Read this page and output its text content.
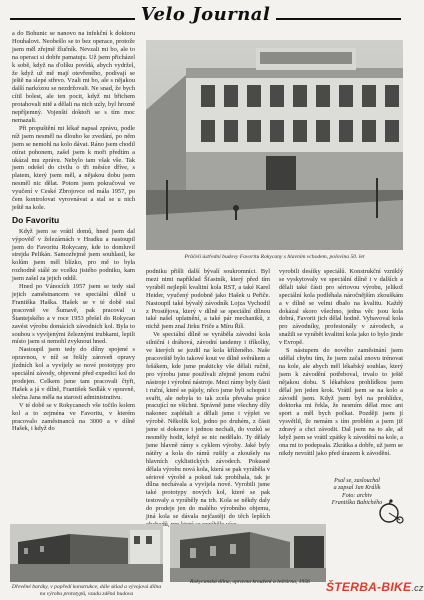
Velo Journal

a do Bohunic se nanovo na infekční k doktoru Houhalovi. Neobešlo se to bez operace, protože jsem měl zřejmě žlučník. Nevzali mi bo, ale to na operaci si dobře pamatuju. Už jsem přicházel k sobě, když na ďolíku povídá, abych vydržel, že když už mě mají otevřeného, podívají se ještě na slepé střevo. Vzali mi bo, ale s nějakou další narkózou se nezdržovali. Ne snad, že bych cítil bolest, ale ten pocit, když mi břichem protahovali nitě a dělali na nich uzly, byl hrozně nepříjemný. Vojenští doktoři se s tím moc nemazali.

Při propuštění mi lékař napsal zprávu, podle níž jsem nesměl na dlouho ke zvedání, po něm jsem se nemohl na kolo dávat. Ráno jsem chodil otírat pohonem, zašel jsem k moři předtím a ukázal mu zprávu. Nebylo tam však vše. Tak jsem odešel do civilu o tři měsíce dříve, s platem, který jsem měl, a nějakou dobu jsem nesměl nic dělat. Potom jsem pokračoval ve vyučení v Ceské Zbrojovce od mála 1957, po čem kontrolovat vyrovnávat a stal se u nich ještě na kole.

Do Favoritu

Když jsem se vrátil domů, hned jsem dal výpověď v železárnách v Hradku a nastoupil jsem do Favoritu Rokycany, kde to domluvil strejda Pelikán. Samozřejmě jsem souhlasil, ke kolům jsem měl blízko, pro mě to byla rozhodně stálé ze vcelku jistého podniku, kam jsem zašel za jejich oddíl.

Hned po Vánocích 1957 jsem se tedy stal jejich zaměstnancem ve speciální dílně u Františka Haška. Hašek se v té době stal pracovně ve Šumavě, pak pracoval u Štantejského a v roce 1953 přešel do Rokycan zavést výrobu domácích závodních kol. Byla to soubou s vyvíjenými železnými trubkami, lepili místo jsem si nemohl zvyknout hned.

Nastoupil jsem tedy do dílny spojené s opravnou, v níž se řešily zároveň opravy jízdních kol a vyvíjely se nové prototypy pro speciální závody, objevené před expedicí kol do prodejen. Celkem jsme tam pracovali čtyři, Hašek a já v dílně, František Sedlák v opravně, slečna Jana měla na starosti administrativu.

V té době se v Rokycanech vše točilo kolem kol a to zejména ve Favoritu, v kterém pracovalo zaměstnanců na 3000 a v dílně Hašek, i když do

Průčelí ústřední budovy Favoritu Rokycany s hlavním vchodem, polovina 50. let

podniku přišli další bývalí soukromníci. Byl mezi nimi například Šťastník, který před tím vyráběl nejlepší kvalitní kola RST, a také Karel Heider, vyučený podobně jako Hašek u Peřiče. Nastoupil také bývalý závodník Lojza Vychodil z Prostějova, který v dílně se speciální dílnou také našel uplatnění, a také pár mechaniků, z nichž jsem znal Jirku Friče a Míru Říš.

Ve speciální dílně se vyráběla závodní kola silniční i dráhová, závodní tandemy i tříkolky, ve kterých se jezdil na kola kříženého. Naše pracoviště bylo takové kout ve dílně svěrákem a fešákem, kde jsme prakticky vše dělali ručně, pro výrobu jsme používali zřejmě jenom ruční nástroje i výrobní nástroje. Mezi rámy byly části i ruční, které se pájely, něco jsme byli schopni i svařit, ale nebyla to tak zcela převaha práce pracující ne všichni. Správně jsme všechny díly nakonec zaplétali a dělali jsme i výplet ve výrobě. Několik kol, jedno po druhém, z části jsme si dokonce i jednou nechali, do vozků se nesměly hodit, když se nic nedělalo. Ty dělaly jsme hlavně rámy s cyklem výroby. Jaké byly nátěry a kola do rámů rušily a zkoušely na hlavních cyklistických závodech. Pokusně dělala výrobu nová kola, která se pak vyráběla v sériové výrobě a pokud tak probíhala, tak je dílna nechávala a vyvíjela nové. Vyrobili jsme také prototypy nových kol, které se pak testovaly a vyráběly na trh. Kola se někdy daly do prodeje jen do malého výrobního objemu, jiná kola se dávala nejčastěji do těch lepších

vyrobili desítky speciálů. Konstrukční vzniklý se vyskytovaly ve speciální dílně i v dalších a dělali také části pro sériovou výrobu, jelikož speciální kola podléhala náročnějším zkouškám a v dílně se velmi dbalo na kvalitu. Každý dokázal skoro všechno, jedna věc jsou kola dobrá, Favorit jich dělal hodně. Vybavoval kola pro závodníky, profesionály v závodech, a snažili se vyrábět kvalitní kola jako to bylo jinde v Evropě.

S nástupem do nového zaměstnání jsem udělal chybu tím, že jsem začal znovu trénovat na kole, ale abych měl lékařský souhlas, který jsem k závodění potřeboval, trvalo to ještě nějakou dobu. S lékařskou prohlídkou jsem dělal jen jeden krok. Vrátil jsem se na kolo a závodil jsem. Když jsem byl na prohlídce, doktorka mi řekla, že nesmím dělat moc ani sport a měl bych počkat. Později jsem jí vysvětlil, že nemám s tím problém a jsem již zdravý a chci závodit. Dal jsem na to ale, až když jsem se vrátil zpátky k závodění na kole, a ona mi to podepsala. Zkrátka a dobře, už jsem se nikdy nevrátil jako před úrazem k závodění.

Psal se, zaslouchal
a zapsal Jan Králík
Foto: archiv
Františka Babichého
Dřevěné baráky, v popředí konstrukce, dále sklad a vývojová dílna na výrobu prototypů, vzadu zděná budova
Rokycanská dílna, opravna kroužení a lešťárna, 1956	ŠTERBA-BIKE.cz
